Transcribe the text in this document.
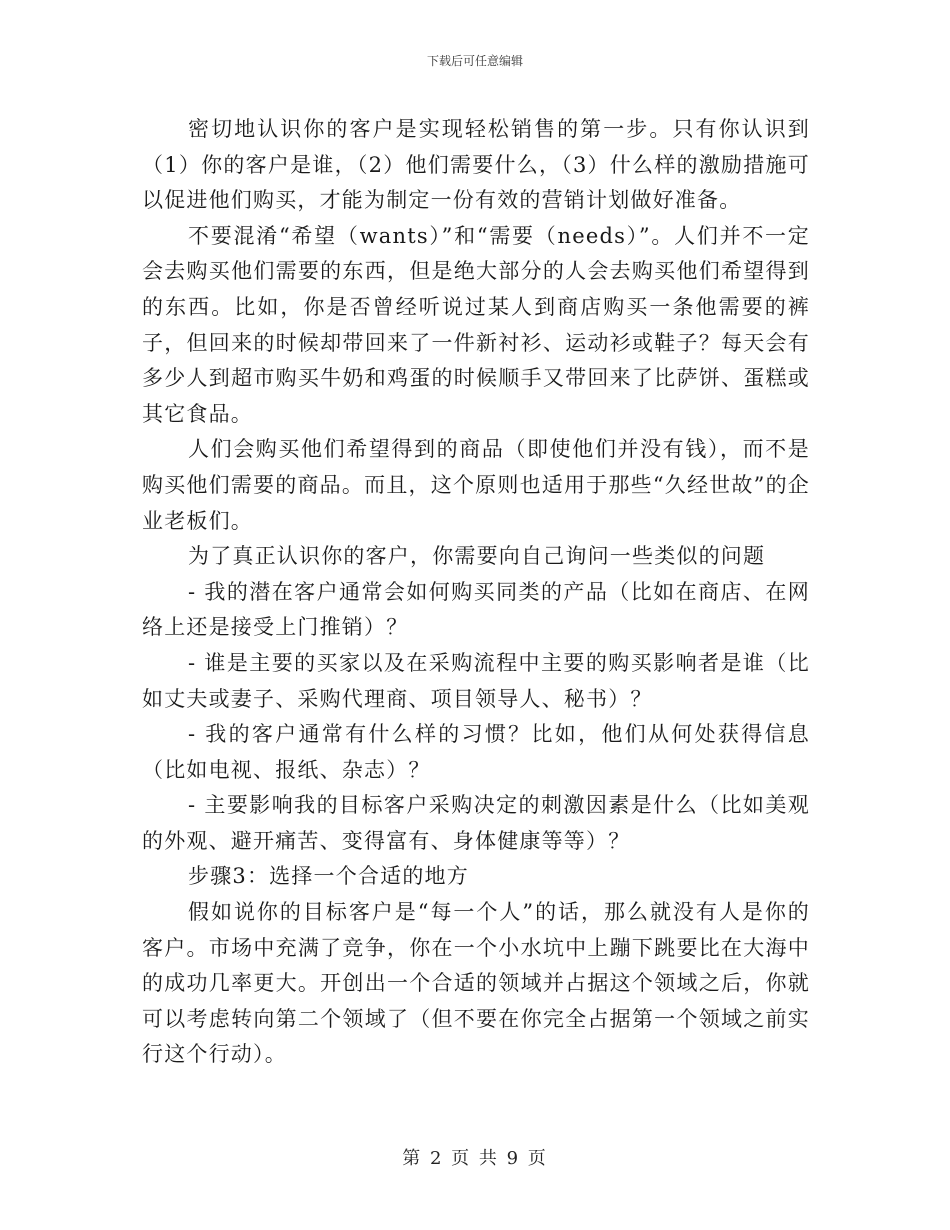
下载后可任意编辑

密切地认识你的客户是实现轻松销售的第一步。只有你认识到（1）你的客户是谁，（2）他们需要什么，（3）什么样的激励措施可以促进他们购买，才能为制定一份有效的营销计划做好准备。

不要混淆“希望（wants）”和“需要（needs）”。人们并不一定会去购买他们需要的东西，但是绝大部分的人会去购买他们希望得到的东西。比如，你是否曾经听说过某人到商店购买一条他需要的裤子，但回来的时候却带回来了一件新衬衫、运动衫或鞋子？每天会有多少人到超市购买牛奶和鸡蛋的时候顺手又带回来了比萨饼、蛋糕或其它食品。

人们会购买他们希望得到的商品（即使他们并没有钱），而不是购买他们需要的商品。而且，这个原则也适用于那些“久经世故”的企业老板们。

为了真正认识你的客户，你需要向自己询问一些类似的问题

- 我的潜在客户通常会如何购买同类的产品（比如在商店、在网络上还是接受上门推销）？

- 谁是主要的买家以及在采购流程中主要的购买影响者是谁（比如丈夫或妻子、采购代理商、项目领导人、秘书）？

- 我的客户通常有什么样的习惯？比如，他们从何处获得信息（比如电视、报纸、杂志）？

- 主要影响我的目标客户采购决定的刺激因素是什么（比如美观的外观、避开痛苦、变得富有、身体健康等等）？

步骤3：选择一个合适的地方

假如说你的目标客户是“每一个人”的话，那么就没有人是你的客户。市场中充满了竞争，你在一个小水坑中上蹦下跳要比在大海中的成功几率更大。开创出一个合适的领域并占据这个领域之后，你就可以考虑转向第二个领域了（但不要在你完全占据第一个领域之前实行这个行动）。

第 2 页 共 9 页
